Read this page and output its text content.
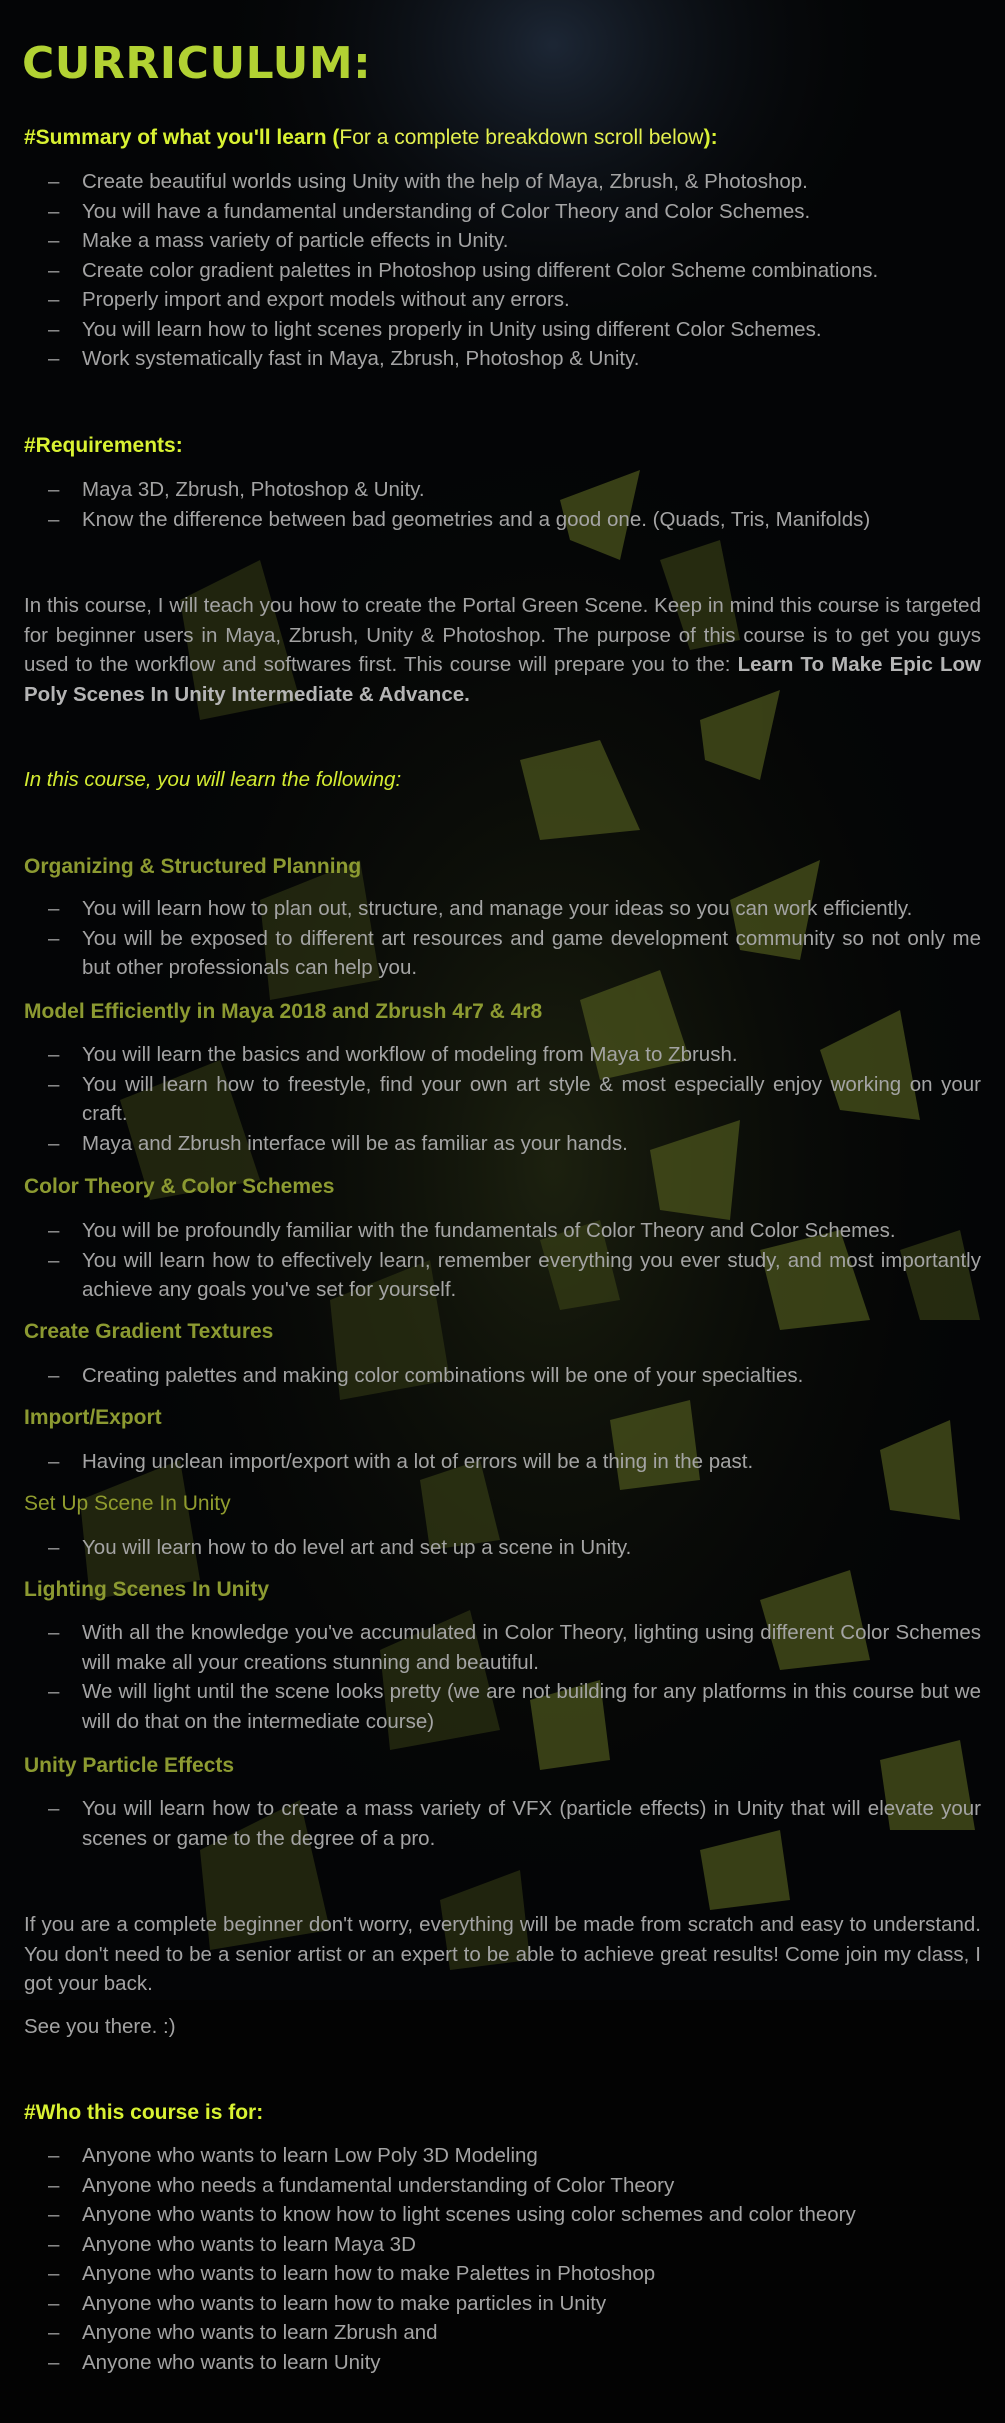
CURRICULUM:

#Summary of what you'll learn (For a complete breakdown scroll below):

– Create beautiful worlds using Unity with the help of Maya, Zbrush, & Photoshop.
– You will have a fundamental understanding of Color Theory and Color Schemes.
– Make a mass variety of particle effects in Unity.
– Create color gradient palettes in Photoshop using different Color Scheme combinations.
– Properly import and export models without any errors.
– You will learn how to light scenes properly in Unity using different Color Schemes.
– Work systematically fast in Maya, Zbrush, Photoshop & Unity.

#Requirements:

– Maya 3D, Zbrush, Photoshop & Unity.
– Know the difference between bad geometries and a good one. (Quads, Tris, Manifolds)

In this course, I will teach you how to create the Portal Green Scene. Keep in mind this course is targeted for beginner users in Maya, Zbrush, Unity & Photoshop. The purpose of this course is to get you guys used to the workflow and softwares first. This course will prepare you to the: Learn To Make Epic Low Poly Scenes In Unity Intermediate & Advance.

In this course, you will learn the following:

Organizing & Structured Planning

– You will learn how to plan out, structure, and manage your ideas so you can work efficiently.
– You will be exposed to different art resources and game development community so not only me but other professionals can help you.

Model Efficiently in Maya 2018 and Zbrush 4r7 & 4r8

– You will learn the basics and workflow of modeling from Maya to Zbrush.
– You will learn how to freestyle, find your own art style & most especially enjoy working on your craft.
– Maya and Zbrush interface will be as familiar as your hands.

Color Theory & Color Schemes

– You will be profoundly familiar with the fundamentals of Color Theory and Color Schemes.
– You will learn how to effectively learn, remember everything you ever study, and most importantly achieve any goals you've set for yourself.

Create Gradient Textures

– Creating palettes and making color combinations will be one of your specialties.

Import/Export

– Having unclean import/export with a lot of errors will be a thing in the past.

Set Up Scene In Unity

– You will learn how to do level art and set up a scene in Unity.

Lighting Scenes In Unity

– With all the knowledge you've accumulated in Color Theory, lighting using different Color Schemes will make all your creations stunning and beautiful.
– We will light until the scene looks pretty (we are not building for any platforms in this course but we will do that on the intermediate course)

Unity Particle Effects

– You will learn how to create a mass variety of VFX (particle effects) in Unity that will elevate your scenes or game to the degree of a pro.

If you are a complete beginner don't worry, everything will be made from scratch and easy to understand. You don't need to be a senior artist or an expert to be able to achieve great results! Come join my class, I got your back.

See you there. :)

#Who this course is for:

– Anyone who wants to learn Low Poly 3D Modeling
– Anyone who needs a fundamental understanding of Color Theory
– Anyone who wants to know how to light scenes using color schemes and color theory
– Anyone who wants to learn Maya 3D
– Anyone who wants to learn how to make Palettes in Photoshop
– Anyone who wants to learn how to make particles in Unity
– Anyone who wants to learn Zbrush and
– Anyone who wants to learn Unity
